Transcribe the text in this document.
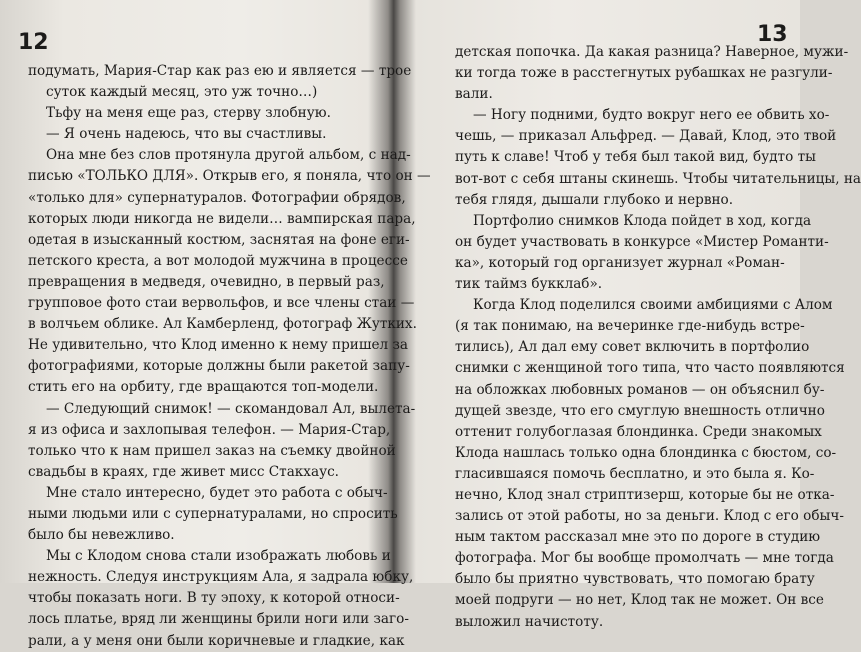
12
подумать, Мария-Стар как раз ею и является — трое
суток каждый месяц, это уж точно…)
Тьфу на меня еще раз, стерву злобную.
— Я очень надеюсь, что вы счастливы.
Она мне без слов протянула другой альбом, с над-
писью «ТОЛЬКО ДЛЯ». Открыв его, я поняла, что он —
«только для» супернатуралов. Фотографии обрядов,
которых люди никогда не видели… вампирская пара,
одетая в изысканный костюм, заснятая на фоне еги-
петского креста, а вот молодой мужчина в процессе
превращения в медведя, очевидно, в первый раз,
групповое фото стаи вервольфов, и все члены стаи —
в волчьем облике. Ал Камберленд, фотограф Жутких.
Не удивительно, что Клод именно к нему пришел за
фотографиями, которые должны были ракетой запу-
стить его на орбиту, где вращаются топ-модели.
— Следующий снимок! — скомандовал Ал, вылета-
я из офиса и захлопывая телефон. — Мария-Стар,
только что к нам пришел заказ на съемку двойной
свадьбы в краях, где живет мисс Стакхаус.
Мне стало интересно, будет это работа с обыч-
ными людьми или с супернатуралами, но спросить
было бы невежливо.
Мы с Клодом снова стали изображать любовь и
нежность. Следуя инструкциям Ала, я задрала юбку,
чтобы показать ноги. В ту эпоху, к которой относи-
лось платье, вряд ли женщины брили ноги или заго-
рали, а у меня они были коричневые и гладкие, как
13
детская попочка. Да какая разница? Наверное, мужи-
ки тогда тоже в расстегнутых рубашках не разгули-
вали.
— Ногу подними, будто вокруг него ее обвить хо-
чешь, — приказал Альфред. — Давай, Клод, это твой
путь к славе! Чтоб у тебя был такой вид, будто ты
вот-вот с себя штаны скинешь. Чтобы читательницы, на
тебя глядя, дышали глубоко и нервно.
Портфолио снимков Клода пойдет в ход, когда
он будет участвовать в конкурсе «Мистер Романти-
ка», который год организует журнал «Роман-
тик таймз букклаб».
Когда Клод поделился своими амбициями с Алом
(я так понимаю, на вечеринке где-нибудь встре-
тились), Ал дал ему совет включить в портфолио
снимки с женщиной того типа, что часто появляются
на обложках любовных романов — он объяснил бу-
дущей звезде, что его смуглую внешность отлично
оттенит голубоглазая блондинка. Среди знакомых
Клода нашлась только одна блондинка с бюстом, со-
гласившаяся помочь бесплатно, и это была я. Ко-
нечно, Клод знал стриптизерш, которые бы не отка-
зались от этой работы, но за деньги. Клод с его обыч-
ным тактом рассказал мне это по дороге в студию
фотографа. Мог бы вообще промолчать — мне тогда
было бы приятно чувствовать, что помогаю брату
моей подруги — но нет, Клод так не может. Он все
выложил начистоту.
